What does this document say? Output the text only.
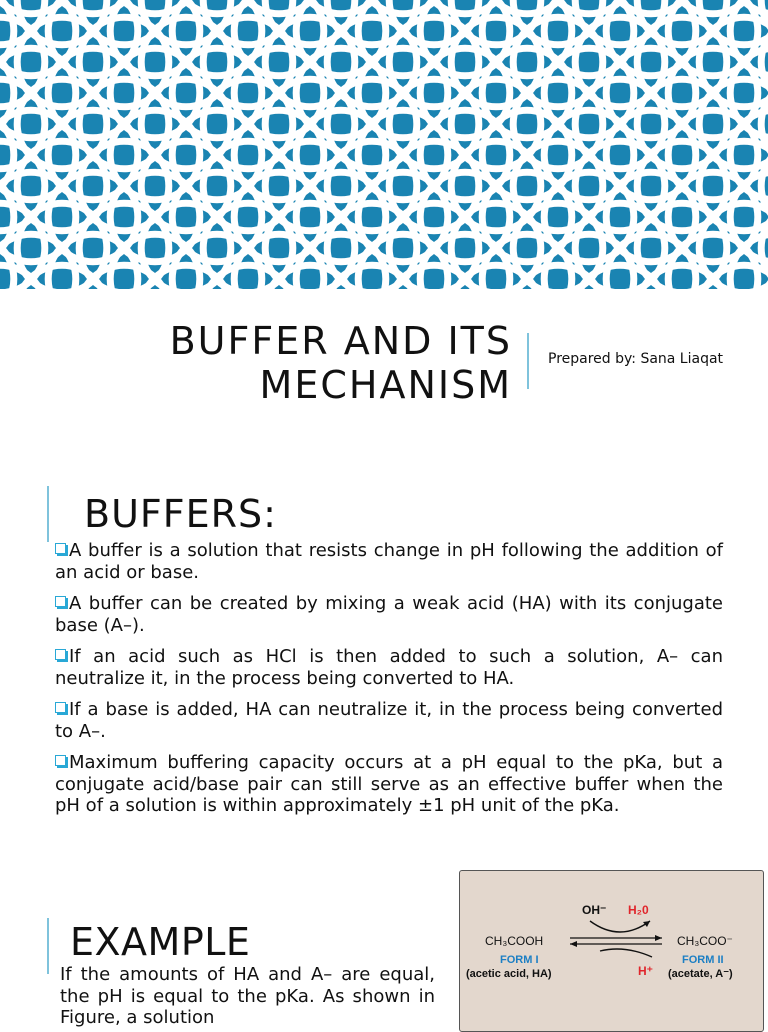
BUFFER AND ITS
MECHANISM
Prepared by: Sana Liaqat
BUFFERS:
A buffer is a solution that resists change in pH following the addition of an acid or base.
A buffer can be created by mixing a weak acid (HA) with its conjugate base (A–).
If an acid such as HCl is then added to such a solution, A– can neutralize it, in the process being converted to HA.
If a base is added, HA can neutralize it, in the process being converted to A–.
Maximum buffering capacity occurs at a pH equal to the pKa, but a conjugate acid/base pair can still serve as an effective buffer when the pH of a solution is within approximately ±1 pH unit of the pKa.
EXAMPLE

If the amounts of HA and A– are equal, the pH is equal to the pKa. As shown in Figure, a solution

OH⁻ H₂0
CH₃COOH	CH₃COO⁻
FORM I
(acetic acid, HA)	H⁺
FORM II
(acetate, A⁻)
